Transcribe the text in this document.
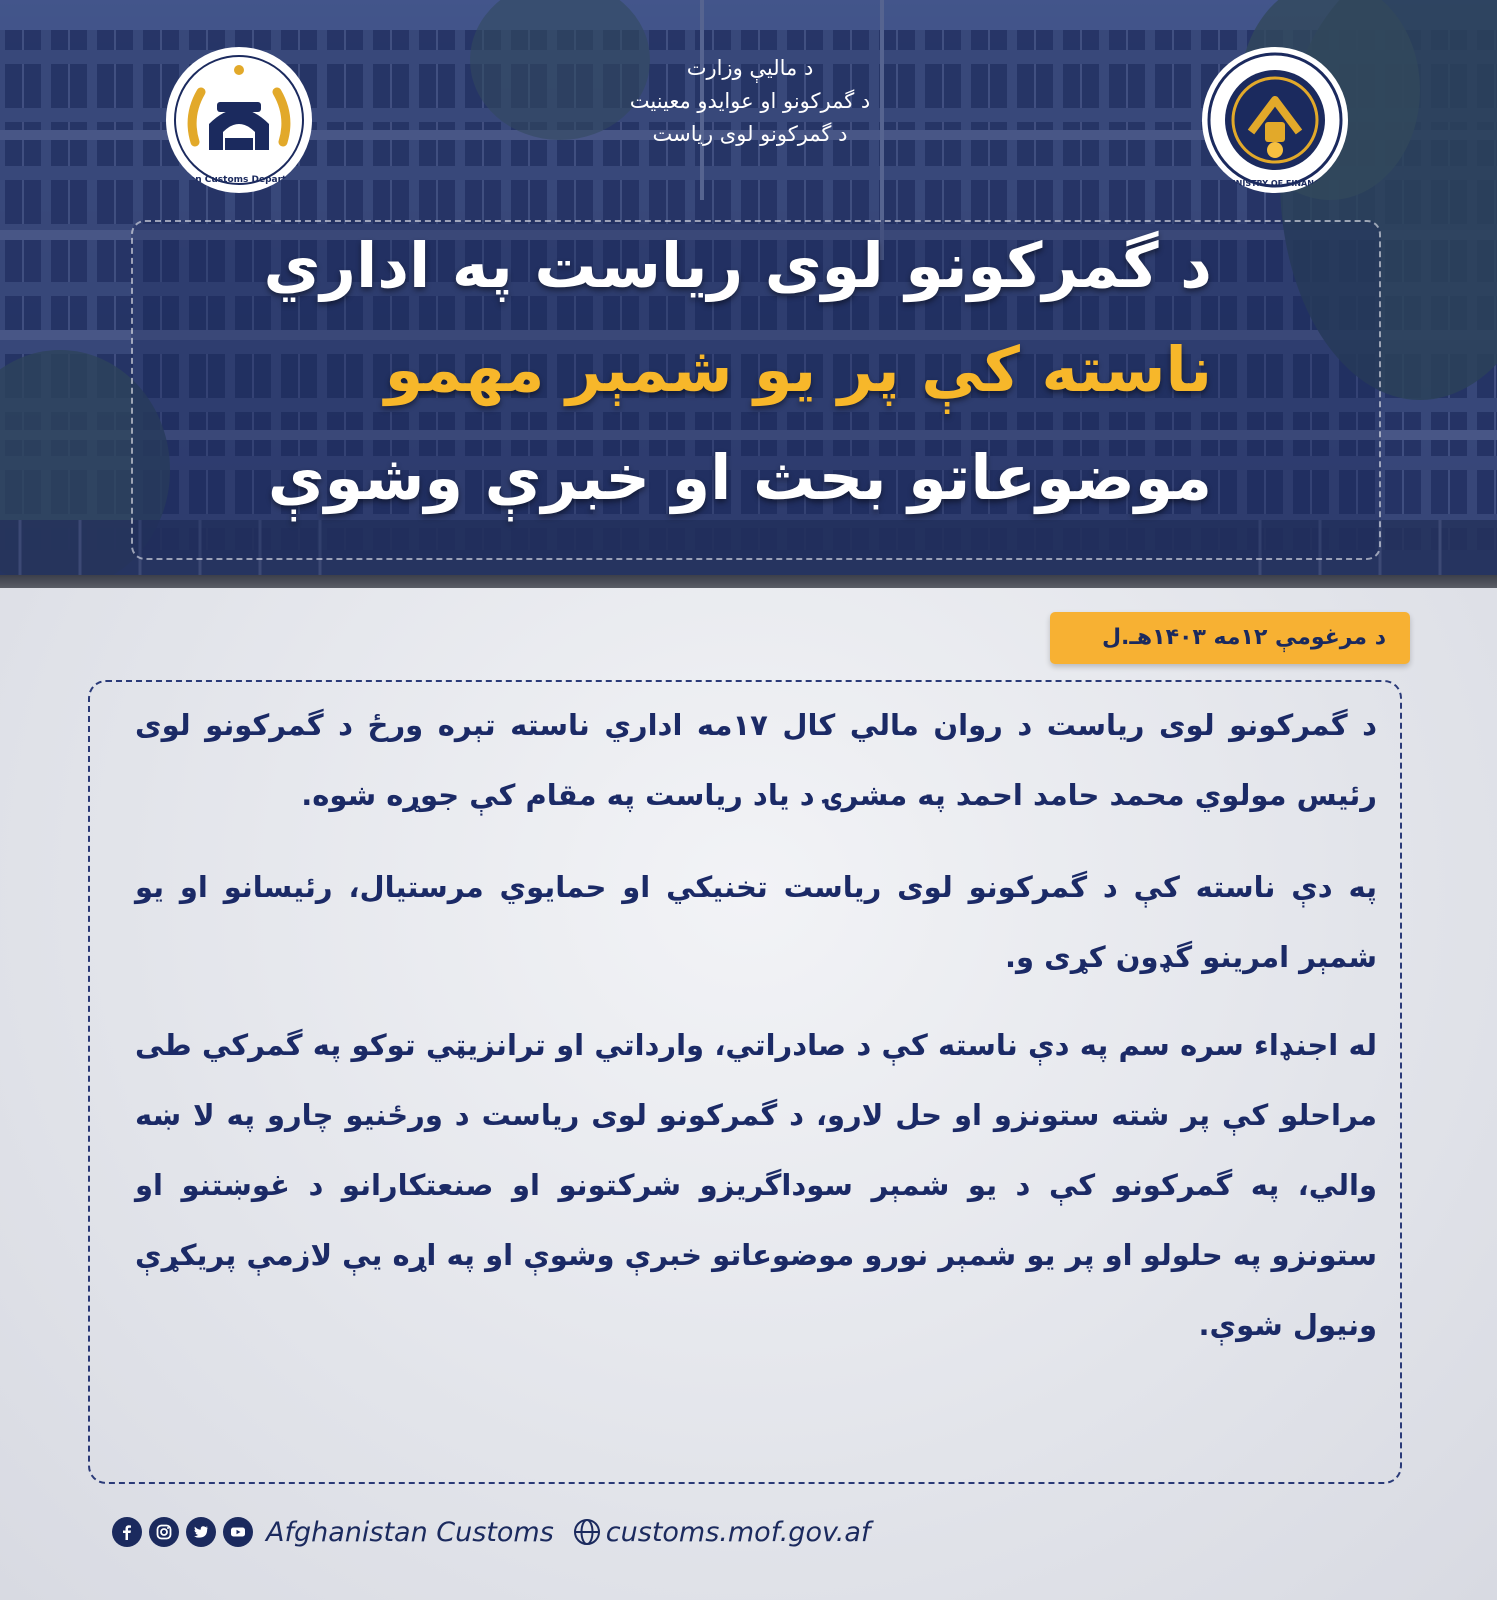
Afghan Customs Department	MINISTRY OF FINANCE
د مالیې وزارت
د گمرکونو او عوایدو معینیت
د گمرکونو لوی ریاست
د گمرکونو لوی ریاست په اداري
ناسته کې پر یو شمېر مهمو
موضوعاتو بحث او خبرې وشوې
د مرغومې ۱۲مه ۱۴۰۳هـ.ل
د گمرکونو لوی ریاست د روان مالي کال ۱۷مه اداري ناسته تېره ورځ د گمرکونو لوی رئیس مولوي محمد حامد احمد په مشرۍ د یاد ریاست په مقام کې جوړه شوه.
په دې ناسته کې د گمرکونو لوی ریاست تخنیکي او حمایوي مرستیال، رئیسانو او یو شمېر امرینو گډون کړی و.
له اجنډاء سره سم په دې ناسته کې د صادراتي، وارداتي او ترانزیټي توکو په گمرکي طی مراحلو کې پر شته ستونزو او حل لارو، د گمرکونو لوی ریاست د ورځنیو چارو په لا ښه والي، په گمرکونو کې د یو شمېر سوداگریزو شرکتونو او صنعتکارانو د غوښتنو او ستونزو په حلولو او پر یو شمېر نورو موضوعاتو خبرې وشوې او په اړه یې لازمې پریکړې ونیول شوې.
Afghanistan Customs customs.mof.gov.af
